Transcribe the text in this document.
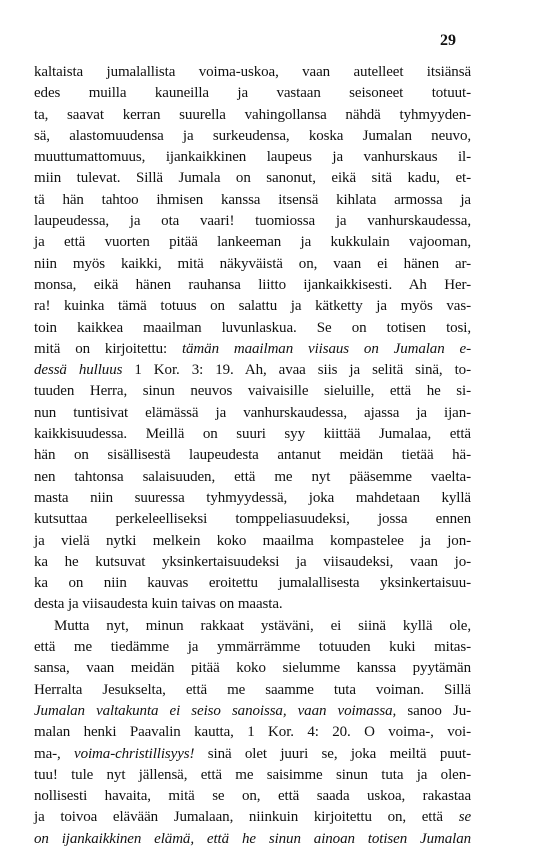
29
kaltaista jumalallista voima-uskoa, vaan autelleet itsiänsä
edes muilla kauneilla ja vastaan seisoneet totuut-
ta, saavat kerran suurella vahingollansa nähdä tyhmyyden-
sä, alastomuudensa ja surkeudensa, koska Jumalan neuvo,
muuttumattomuus, ijankaikkinen laupeus ja vanhurskaus il-
miin tulevat. Sillä Jumala on sanonut, eikä sitä kadu, et-
tä hän tahtoo ihmisen kanssa itsensä kihlata armossa ja
laupeudessa, ja ota vaari! tuomiossa ja vanhurskaudessa,
ja että vuorten pitää lankeeman ja kukkulain vajooman,
niin myös kaikki, mitä näkyväistä on, vaan ei hänen ar-
monsa, eikä hänen rauhansa liitto ijankaikkisesti. Ah Her-
ra! kuinka tämä totuus on salattu ja kätketty ja myös vas-
toin kaikkea maailman luvunlaskua. Se on totisen tosi,
mitä on kirjoitettu: tämän maailman viisaus on Jumalan e-
dessä hulluus 1 Kor. 3: 19. Ah, avaa siis ja selitä sinä, to-
tuuden Herra, sinun neuvos vaivaisille sieluille, että he si-
nun tuntisivat elämässä ja vanhurskaudessa, ajassa ja ijan-
kaikkisuudessa. Meillä on suuri syy kiittää Jumalaa, että
hän on sisällisestä laupeudesta antanut meidän tietää hä-
nen tahtonsa salaisuuden, että me nyt pääsemme vaelta-
masta niin suuressa tyhmyydessä, joka mahdetaan kyllä
kutsuttaa perkeleelliseksi tomppeliasuudeksi, jossa ennen
ja vielä nytki melkein koko maailma kompastelee ja jon-
ka he kutsuvat yksinkertaisuudeksi ja viisaudeksi, vaan jo-
ka on niin kauvas eroitettu jumalallisesta yksinkertaisuu-
desta ja viisaudesta kuin taivas on maasta.
Mutta nyt, minun rakkaat ystäväni, ei siinä kyllä ole,
että me tiedämme ja ymmärrämme totuuden kuki mitas-
sansa, vaan meidän pitää koko sielumme kanssa pyytämän
Herralta Jesukselta, että me saamme tuta voiman. Sillä
Jumalan valtakunta ei seiso sanoissa, vaan voimassa, sanoo Ju-
malan henki Paavalin kautta, 1 Kor. 4: 20. O voima-, voi-
ma-, voima-christillisyys! sinä olet juuri se, joka meiltä puut-
tuu! tule nyt jällensä, että me saisimme sinun tuta ja olen-
nollisesti havaita, mitä se on, että saada uskoa, rakastaa
ja toivoa elävään Jumalaan, niinkuin kirjoitettu on, että se
on ijankaikkinen elämä, että he sinun ainoan totisen Jumalan
